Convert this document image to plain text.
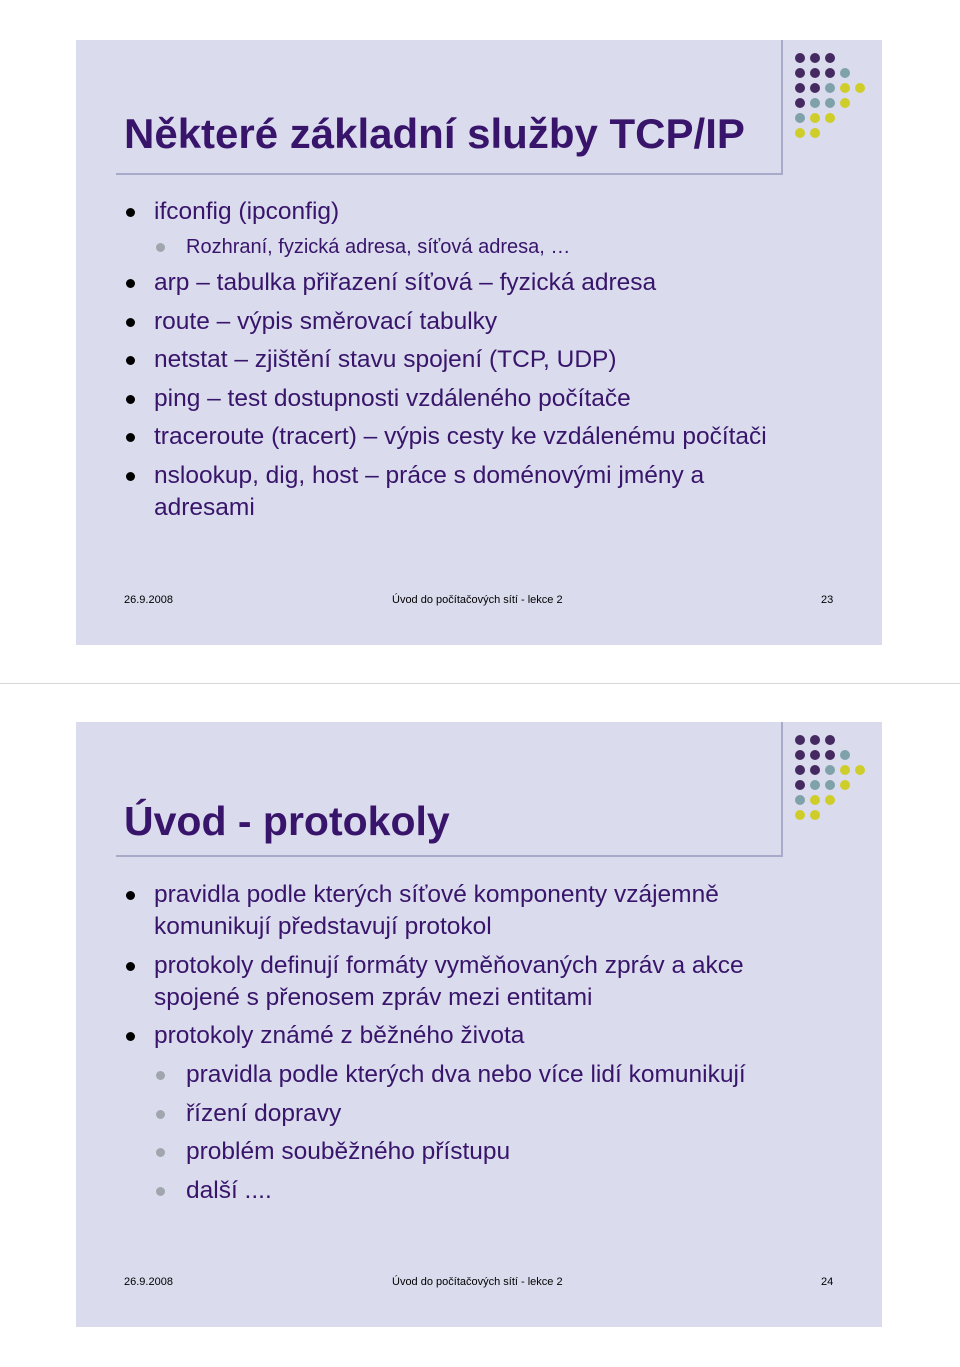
Některé základní služby TCP/IP
ifconfig (ipconfig)
Rozhraní, fyzická adresa, síťová adresa, …
arp – tabulka přiřazení síťová – fyzická adresa
route – výpis směrovací tabulky
netstat – zjištění stavu spojení (TCP, UDP)
ping – test dostupnosti vzdáleného počítače
traceroute (tracert) – výpis cesty ke vzdálenému počítači
nslookup, dig, host – práce s doménovými jmény a adresami
26.9.2008	Úvod do počítačových sítí - lekce 2	23
Úvod - protokoly
pravidla podle kterých síťové komponenty vzájemně komunikují představují protokol
protokoly definují formáty vyměňovaných zpráv a akce spojené s přenosem zpráv mezi entitami
protokoly známé z běžného života
pravidla podle kterých dva nebo více lidí komunikují
řízení dopravy
problém souběžného přístupu
další ....
26.9.2008	Úvod do počítačových sítí - lekce 2	24
